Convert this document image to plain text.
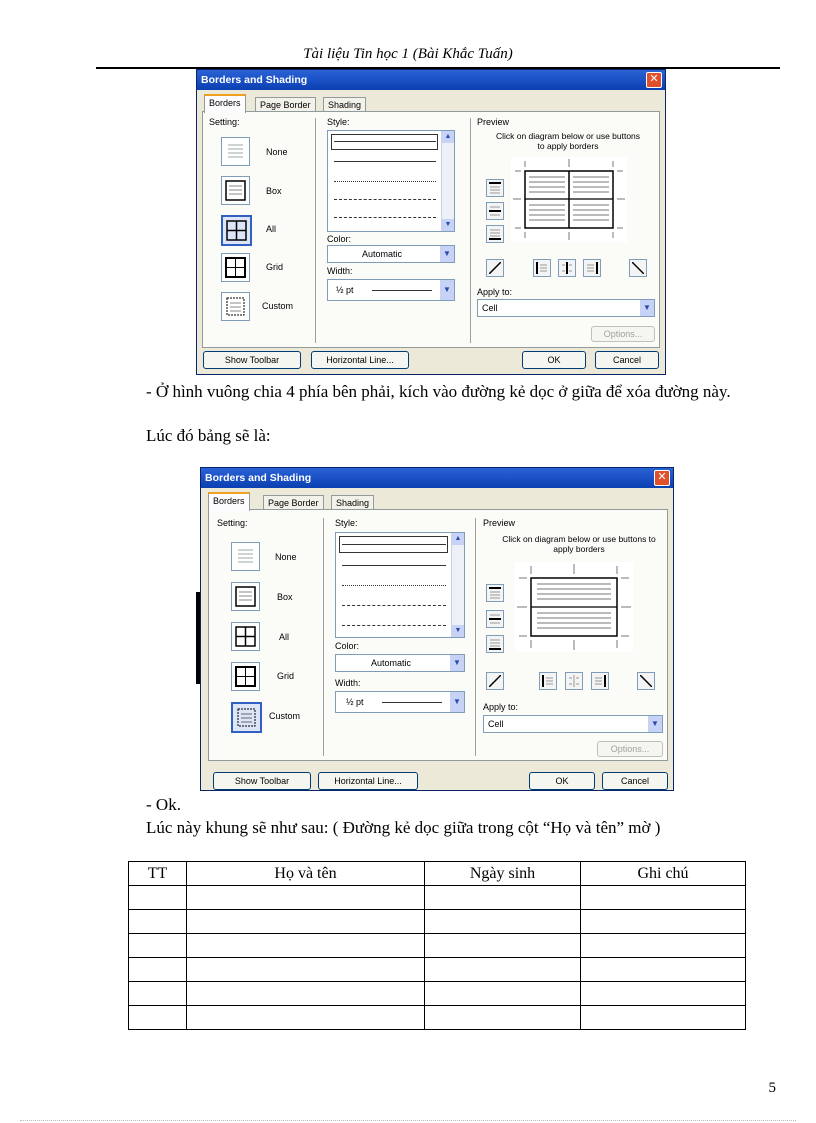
Tài liệu Tin học 1 (Bài Khắc Tuấn)
Borders and Shading	✕
Borders	Page Border	Shading
Setting:
None
Box
All
Grid
Custom
Style:
▲
▼
Color:
Automatic	▼
Width:
½ pt	▼
Preview
Click on diagram below or use buttons to apply borders
Apply to:
Cell	▼
Options...
Show Toolbar	Horizontal Line...	OK	Cancel
- Ở hình vuông chia 4 phía bên phải, kích vào đường kẻ dọc ở giữa để xóa đường này.
Lúc đó bảng sẽ là:
Borders and Shading	✕
Borders	Page Border	Shading
Setting:
None
Box
All
Grid
Custom
Style:
▲
▼
Color:
Automatic	▼
Width:
½ pt	▼
Preview
Click on diagram below or use buttons to apply borders
Apply to:
Cell	▼
Options...
Show Toolbar	Horizontal Line...	OK	Cancel
- Ok.
Lúc này khung sẽ như sau: ( Đường kẻ dọc giữa trong cột “Họ và tên” mờ )
TT	Họ và tên	Ngày sinh	Ghi chú

5
